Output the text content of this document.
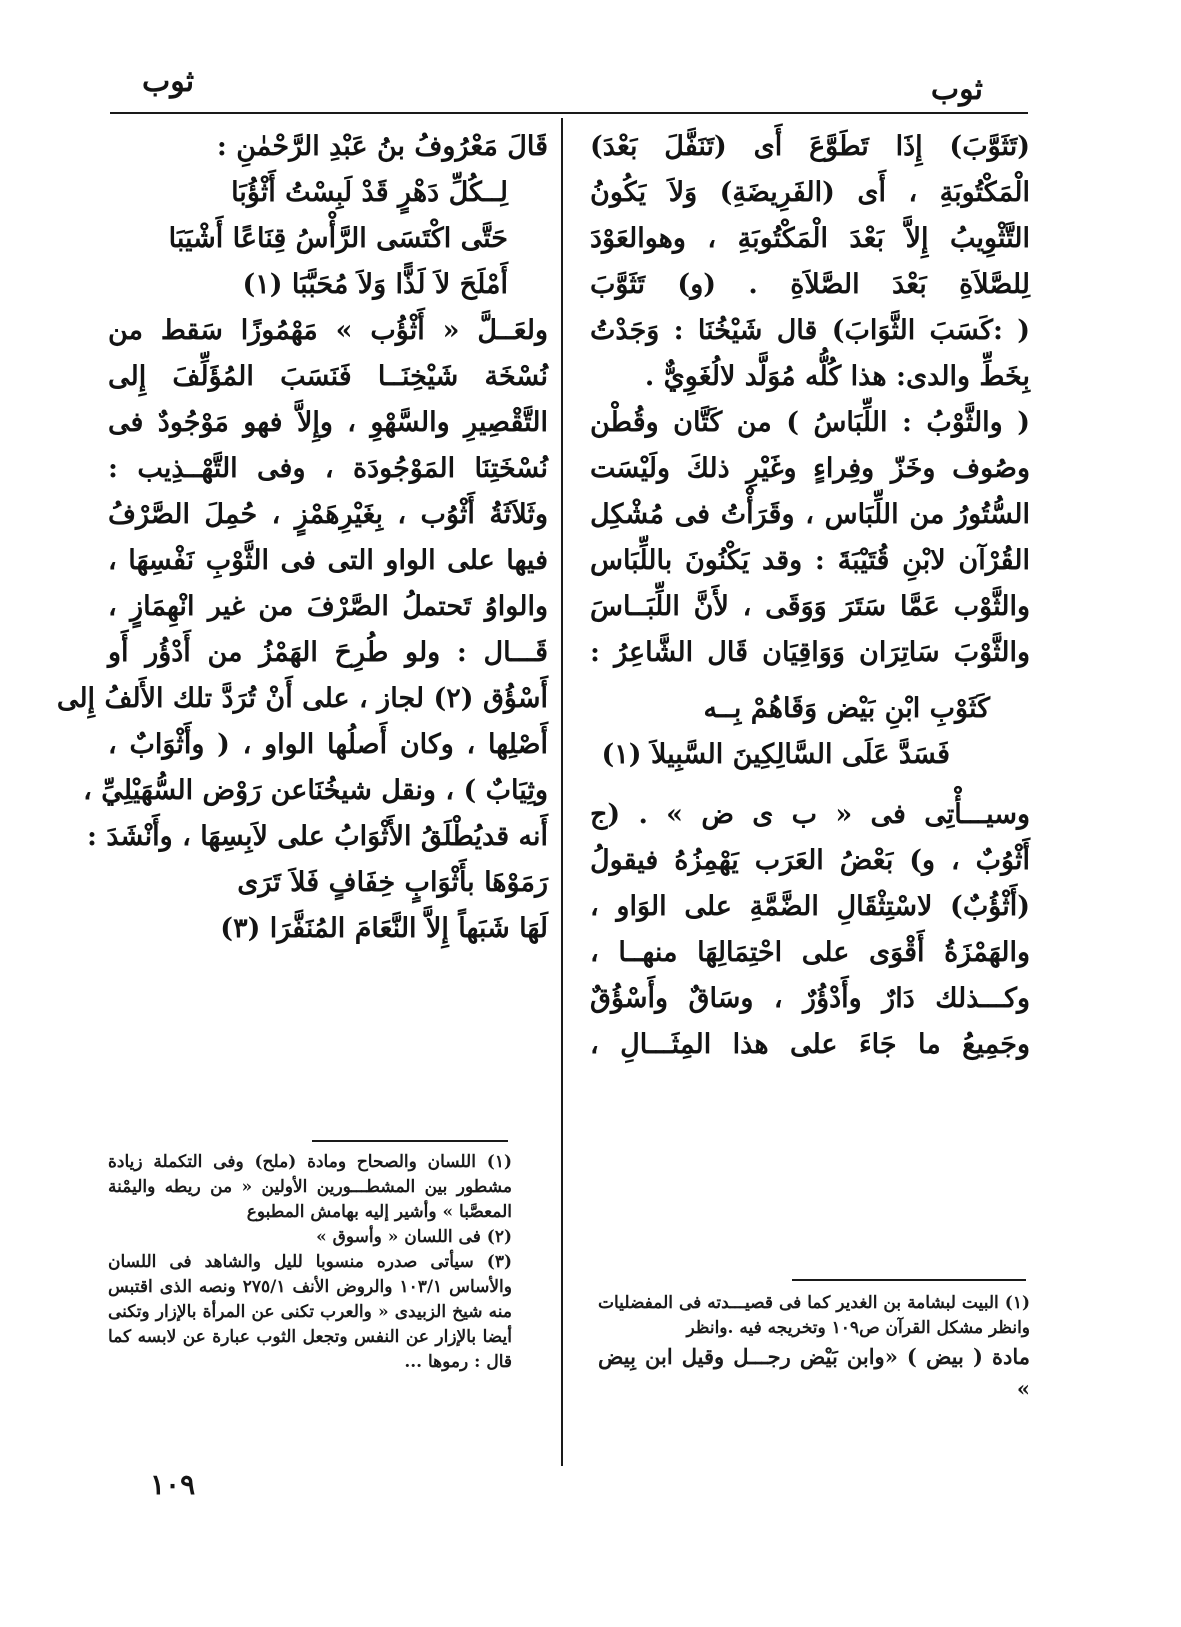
ثوب
ثوب
(تَثَوَّبَ) إِذَا تَطَوَّعَ أَى (تَنَفَّلَ بَعْدَ)
الْمَكْتُوبَةِ ، أَى (الفَرِيضَةِ) وَلاَ يَكُونُ
التَّثْوِيبُ إِلاَّ بَعْدَ الْمَكْتُوبَةِ ، وهوالعَوْدَ
لِلصَّلاَةِ بَعْدَ الصَّلاَةِ . (و) تَثَوَّبَ
( :كَسَبَ الثَّوَابَ) قال شَيْخُنَا : وَجَدْتُ
بِخَطِّ والدى: هذا كُلُّه مُوَلَّد لالُغَوِيٌّ .
( والثَّوْبُ : اللِّبَاسُ ) من كَتَّان وقُطْن
وصُوف وخَزّ وفِراءٍ وغَيْرِ ذلكَ ولَيْسَت
السُّتُورُ من اللِّبَاس ، وقَرَأْتُ فى مُشْكِل
القُرْآن لابْنِ قُتَيْبَةَ : وقد يَكْنُونَ باللِّبَاس
والثَّوْب عَمَّا سَتَرَ وَوَقَى ، لأَنَّ اللِّبَــاسَ
والثَّوْبَ سَاتِرَان وَوَاقِيَان قَال الشَّاعِرُ :
كَثَوْبِ ابْنِ بَيْض وَقَاهُمْ بِــه
فَسَدَّ عَلَى السَّالِكِينَ السَّبِيلاَ (١)
وسيـــأْتِى فى « ب ى ض » . (ج
أَثْوُبٌ ، و) بَعْضُ العَرَب يَهْمِزُهُ فيقولُ
(أَثْؤُبٌ) لاسْتِثْقَالِ الضَّمَّةِ على الوَاو ،
والهَمْزَةُ أَقْوَى على احْتِمَالِهَا منهــا ،
وكـــذلك دَارٌ وأَدْؤُرٌ ، وسَاقٌ وأَسْؤُقٌ
وجَمِيعُ ما جَاءَ على هذا المِثَـــالِ ،
قَالَ مَعْرُوفُ بنُ عَبْدِ الرَّحْمٰنِ :
لِــكُلِّ دَهْرٍ قَدْ لَبِسْتُ أَثْؤُبَا
حَتَّى اكْتَسَى الرَّأْسُ قِنَاعًا أَشْيَبَا
أَمْلَحَ لاَ لَذًّا وَلاَ مُحَبَّبَا (١)
ولعَــلَّ « أَثْؤُب » مَهْمُوزًا سَقط من
نُسْخَة شَيْخِنَــا فَنَسَبَ المُؤَلِّفَ إِلى
التَّقْصِيرِ والسَّهْوِ ، وإِلاَّ فهو مَوْجُودٌ فى
نُسْخَتِنَا المَوْجُودَة ، وفى التَّهْــذِيب :
وثَلاَثَةُ أَثْوُب ، بِغَيْرِهَمْزٍ ، حُمِلَ الصَّرْفُ
فيها على الواو التى فى الثَّوْبِ نَفْسِهَا ،
والواوُ تَحتملُ الصَّرْفَ من غير انْهِمَازٍ ،
قَـــال : ولو طُرِحَ الهَمْزُ من أَدْؤُر أَو
أَسْؤُق (٢) لجاز ، على أَنْ تُرَدَّ تلك الأَلفُ إِلى
أَصْلِها ، وكان أَصلُها الواو ، ( وأَثْوَابٌ ،
وثِيَابٌ ) ، ونقل شيخُنَاعن رَوْض السُّهَيْلِيِّ ،
أَنه قديُطْلَقُ الأَثْوَابُ على لاَبِسِهَا ، وأَنْشَدَ :
رَمَوْهَا بأَثْوَابٍ خِفَافٍ فَلاَ تَرَى
لَهَا شَبَهاً إِلاَّ النَّعَامَ المُنَفَّرَا (٣)
(١) اللسان والصحاح ومادة (ملح) وفى التكملة زيادة مشطور بين المشطـــورين الأولين « من ريطه واليمْنة المعصَّبا » وأشير إليه بهامش المطبوع
(٢) فى اللسان « وأسوق »
(٣) سيأتى صدره منسوبا لليل والشاهد فى اللسان والأساس ١٠٣/١ والروض الأنف ٢٧٥/١ ونصه الذى اقتبس منه شيخ الزبيدى « والعرب تكنى عن المرأة بالإزار وتكنى أيضا بالإزار عن النفس وتجعل الثوب عبارة عن لابسه كما قال : رموها ...
(١) البيت لبشامة بن الغدير كما فى قصيـــدته فى المفضليات وانظر مشكل القرآن ص١٠٩ وتخريجه فيه .وانظر
مادة ( بيض ) «وابن بَيْض رجـــل وقيل ابن بِيض »
١٠٩
